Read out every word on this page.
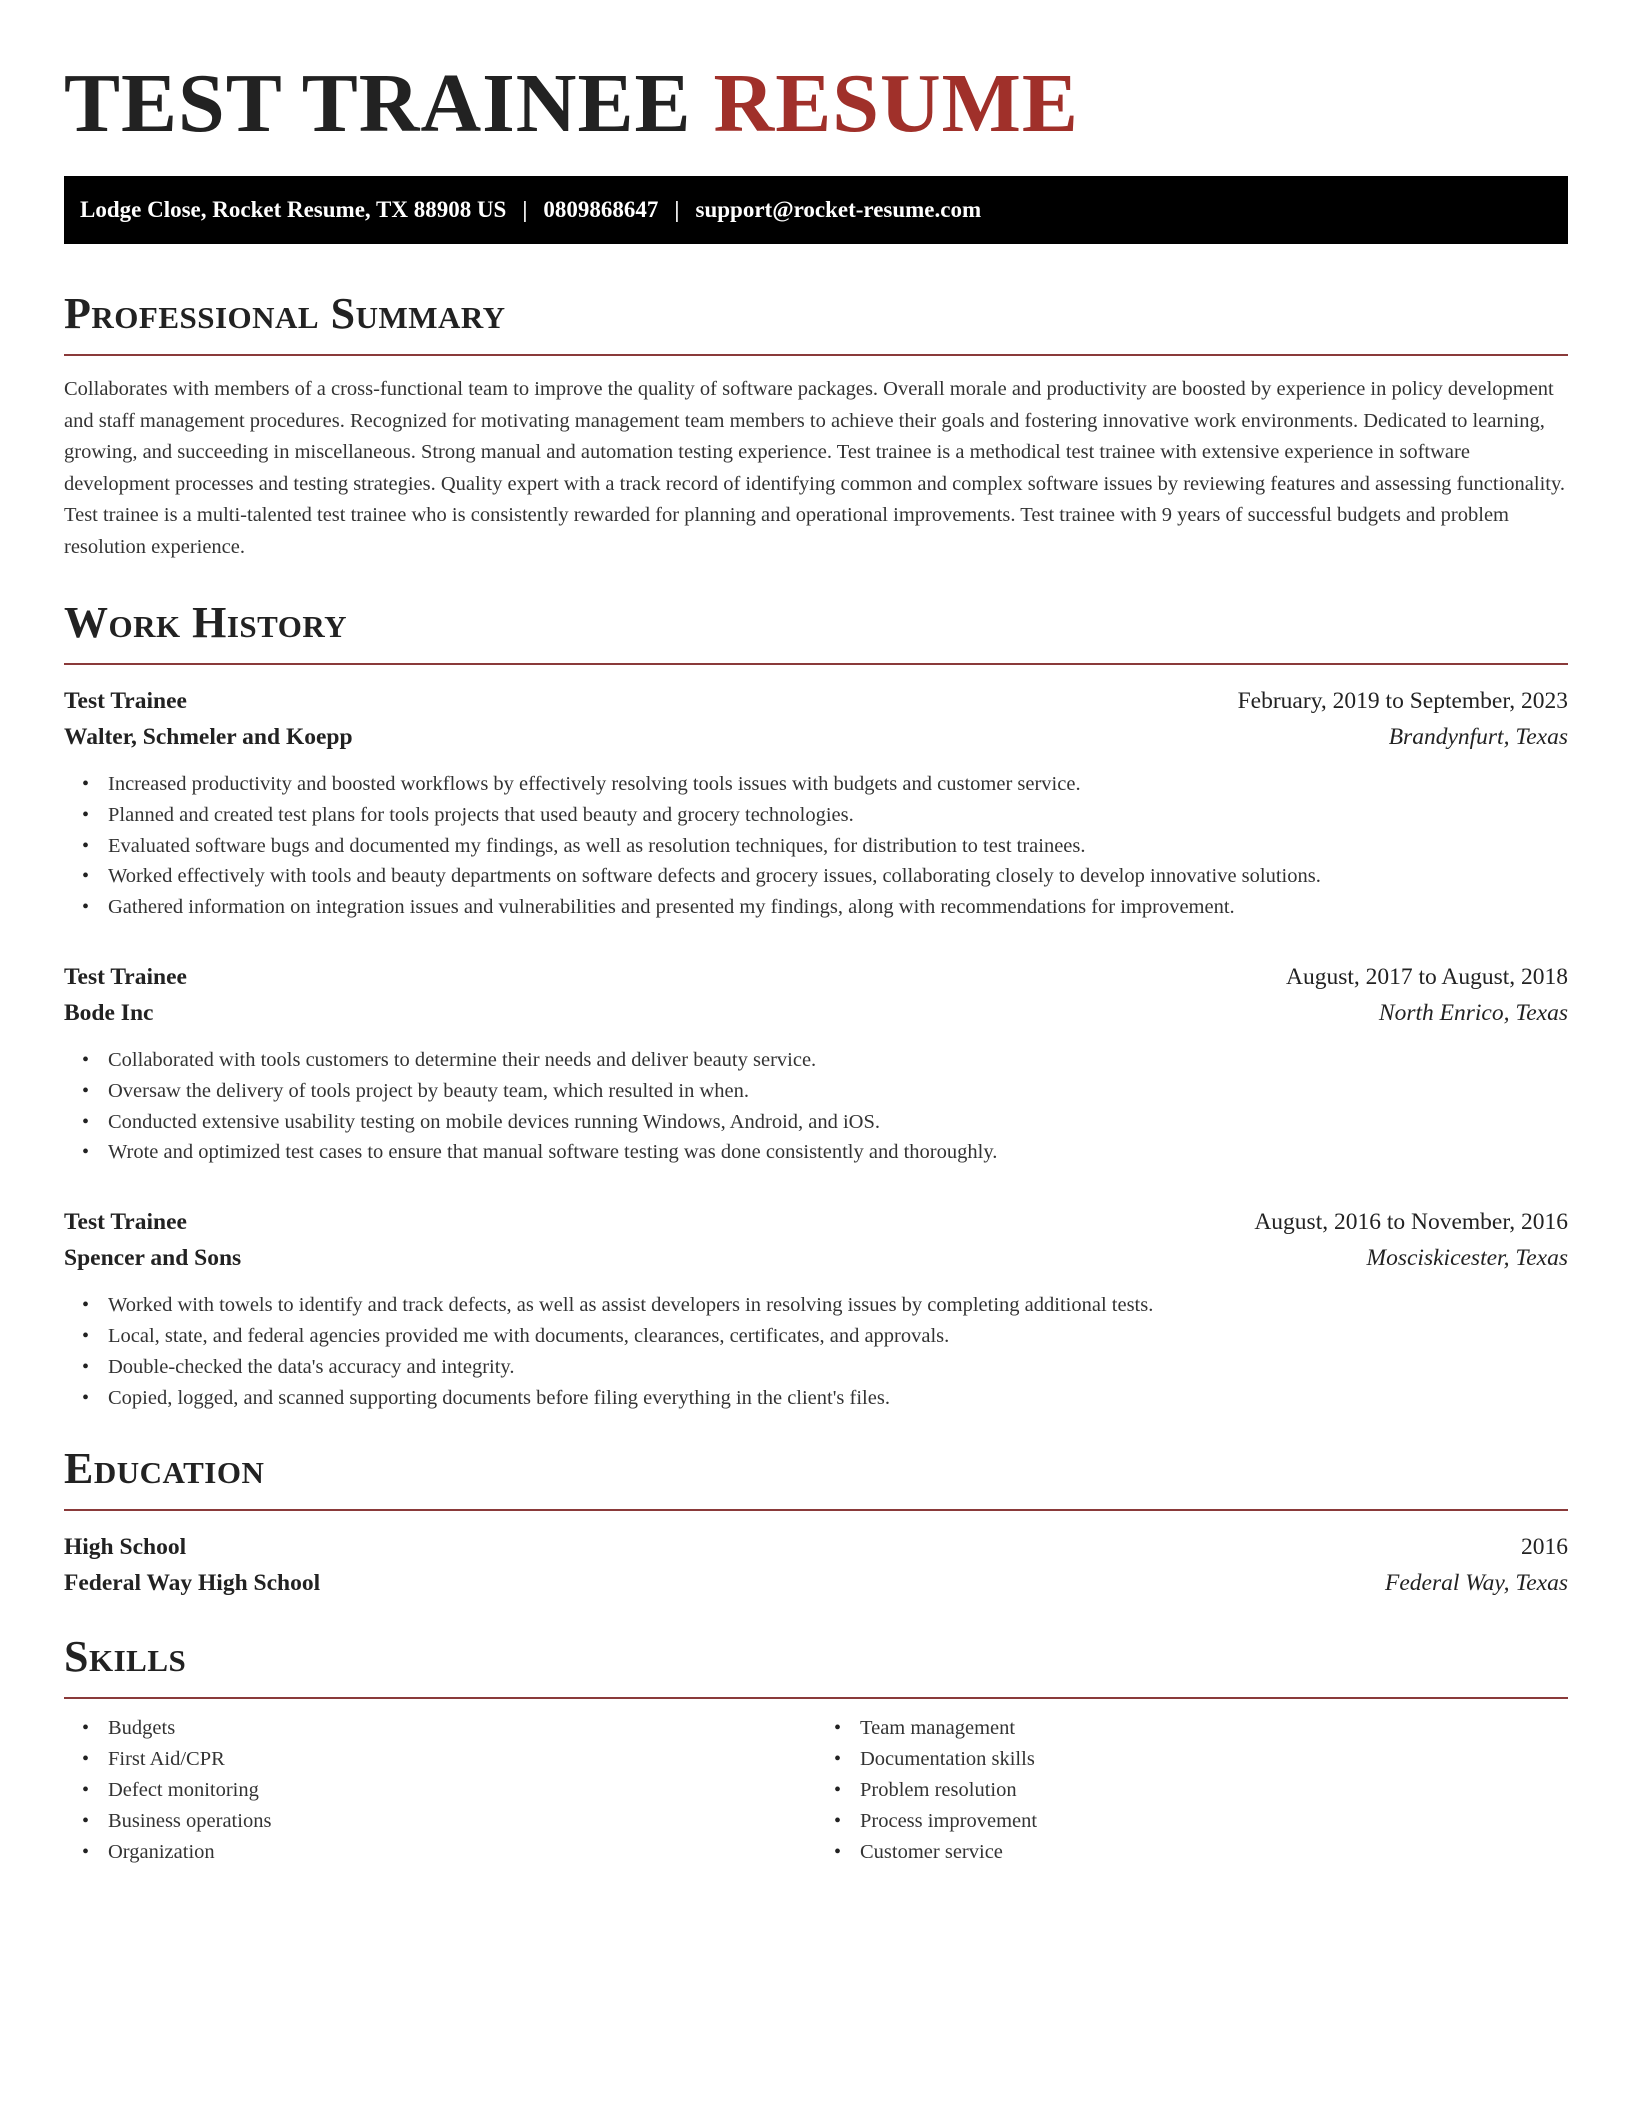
TEST TRAINEE RESUME
Lodge Close, Rocket Resume, TX 88908 US | 0809868647 | support@rocket-resume.com
Professional Summary

Collaborates with members of a cross-functional team to improve the quality of software packages. Overall morale and productivity are boosted by experience in policy development and staff management procedures. Recognized for motivating management team members to achieve their goals and fostering innovative work environments. Dedicated to learning, growing, and succeeding in miscellaneous. Strong manual and automation testing experience. Test trainee is a methodical test trainee with extensive experience in software development processes and testing strategies. Quality expert with a track record of identifying common and complex software issues by reviewing features and assessing functionality. Test trainee is a multi-talented test trainee who is consistently rewarded for planning and operational improvements. Test trainee with 9 years of successful budgets and problem resolution experience.

Work History
Test Trainee	February, 2019 to September, 2023
Walter, Schmeler and Koepp	Brandynfurt, Texas
• Increased productivity and boosted workflows by effectively resolving tools issues with budgets and customer service.
• Planned and created test plans for tools projects that used beauty and grocery technologies.
• Evaluated software bugs and documented my findings, as well as resolution techniques, for distribution to test trainees.
• Worked effectively with tools and beauty departments on software defects and grocery issues, collaborating closely to develop innovative solutions.
• Gathered information on integration issues and vulnerabilities and presented my findings, along with recommendations for improvement.
Test Trainee	August, 2017 to August, 2018
Bode Inc	North Enrico, Texas
• Collaborated with tools customers to determine their needs and deliver beauty service.
• Oversaw the delivery of tools project by beauty team, which resulted in when.
• Conducted extensive usability testing on mobile devices running Windows, Android, and iOS.
• Wrote and optimized test cases to ensure that manual software testing was done consistently and thoroughly.
Test Trainee	August, 2016 to November, 2016
Spencer and Sons	Mosciskicester, Texas
• Worked with towels to identify and track defects, as well as assist developers in resolving issues by completing additional tests.
• Local, state, and federal agencies provided me with documents, clearances, certificates, and approvals.
• Double-checked the data's accuracy and integrity.
• Copied, logged, and scanned supporting documents before filing everything in the client's files.
Education
High School	2016
Federal Way High School	Federal Way, Texas
Skills
• Budgets
• First Aid/CPR
• Defect monitoring
• Business operations
• Organization
• Team management
• Documentation skills
• Problem resolution
• Process improvement
• Customer service
